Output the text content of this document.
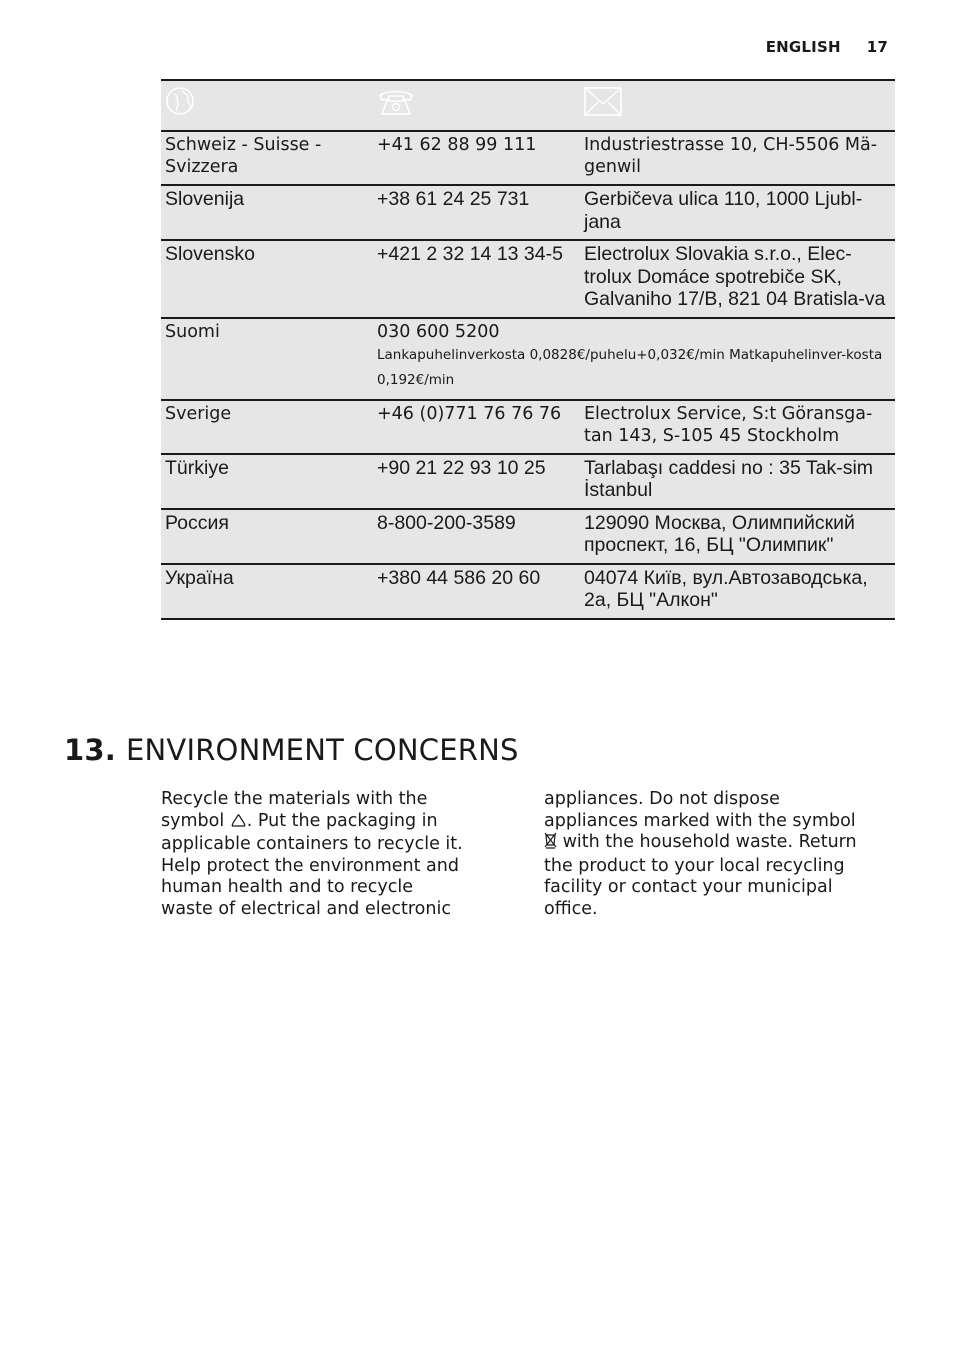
ENGLISH 17

Schweiz - Suisse - Svizzera	+41 62 88 99 111	Industriestrasse 10, CH-5506 Mä-genwil
Slovenija	+38 61 24 25 731	Gerbičeva ulica 110, 1000 Ljubl-jana
Slovensko	+421 2 32 14 13 34-5	Electrolux Slovakia s.r.o., Elec-trolux Domáce spotrebiče SK, Galvaniho 17/B, 821 04 Bratisla-va
Suomi	030 600 5200
Lankapuhelinverkosta 0,0828€/puhelu+0,032€/min Matkapuhelinver-kosta 0,192€/min	

Sverige	+46 (0)771 76 76 76	Electrolux Service, S:t Göransga-tan 143, S-105 45 Stockholm
Türkiye	+90 21 22 93 10 25	Tarlabaşı caddesi no : 35 Tak-sim İstanbul
Россия	8-800-200-3589	129090 Москва, Олимпийский проспект, 16, БЦ "Олимпик"
Україна	+380 44 586 20 60	04074 Київ, вул.Автозаводська, 2а, БЦ "Алкон"
13. ENVIRONMENT CONCERNS
Recycle the materials with the symbol . Put the packaging in applicable containers to recycle it. Help protect the environment and human health and to recycle waste of electrical and electronic
appliances. Do not dispose appliances marked with the symbol  with the household waste. Return the product to your local recycling facility or contact your municipal office.
